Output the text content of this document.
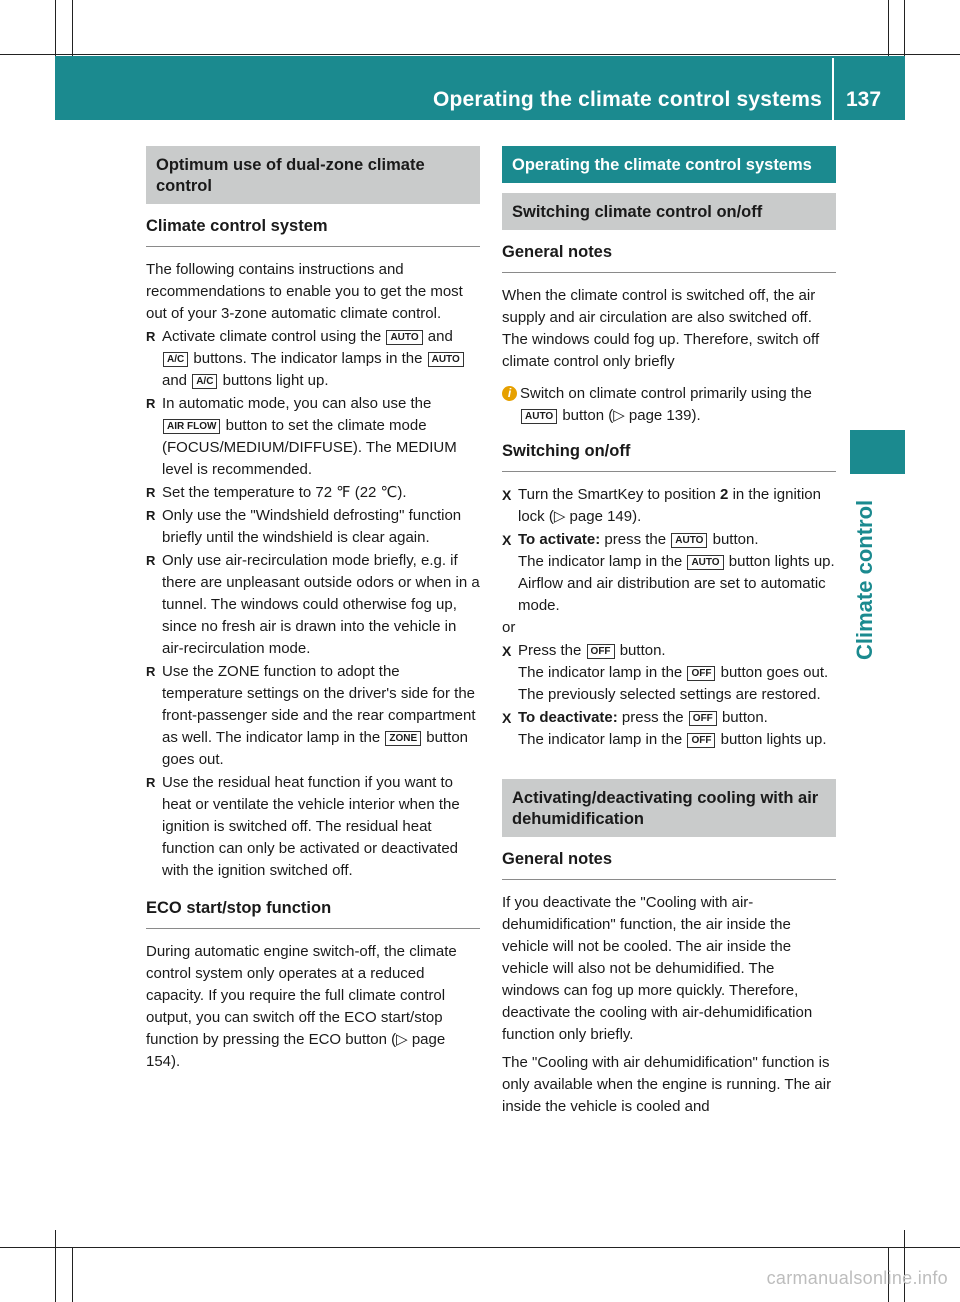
Operating the climate control systems 137
Climate control
Optimum use of dual-zone climate control
Climate control system

The following contains instructions and recommendations to enable you to get the most out of your 3-zone automatic climate control.

R Activate climate control using the AUTO and A/C buttons. The indicator lamps in the AUTO and A/C buttons light up.
R In automatic mode, you can also use the AIR FLOW button to set the climate mode (FOCUS/MEDIUM/DIFFUSE). The MEDIUM level is recommended.
R Set the temperature to 72 ℉ (22 ℃).
R Only use the "Windshield defrosting" function briefly until the windshield is clear again.
R Only use air-recirculation mode briefly, e.g. if there are unpleasant outside odors or when in a tunnel. The windows could otherwise fog up, since no fresh air is drawn into the vehicle in air-recirculation mode.
R Use the ZONE function to adopt the temperature settings on the driver's side for the front-passenger side and the rear compartment as well. The indicator lamp in the ZONE button goes out.
R Use the residual heat function if you want to heat or ventilate the vehicle interior when the ignition is switched off. The residual heat function can only be activated or deactivated with the ignition switched off.
ECO start/stop function

During automatic engine switch-off, the climate control system only operates at a reduced capacity. If you require the full climate control output, you can switch off the ECO start/stop function by pressing the ECO button (▷ page 154).

Operating the climate control systems
Switching climate control on/off
General notes

When the climate control is switched off, the air supply and air circulation are also switched off. The windows could fog up. Therefore, switch off climate control only briefly

i Switch on climate control primarily using the AUTO button (▷ page 139).
Switching on/off
X Turn the SmartKey to position 2 in the ignition lock (▷ page 149).
X To activate: press the AUTO button.
The indicator lamp in the AUTO button lights up. Airflow and air distribution are set to automatic mode.

or

X Press the OFF button.
The indicator lamp in the OFF button goes out. The previously selected settings are restored.
X To deactivate: press the OFF button.
The indicator lamp in the OFF button lights up.
Activating/deactivating cooling with air dehumidification
General notes

If you deactivate the "Cooling with air-dehumidification" function, the air inside the vehicle will not be cooled. The air inside the vehicle will also not be dehumidified. The windows can fog up more quickly. Therefore, deactivate the cooling with air-dehumidification function only briefly.

The "Cooling with air dehumidification" function is only available when the engine is running. The air inside the vehicle is cooled and

carmanualsonline.info
